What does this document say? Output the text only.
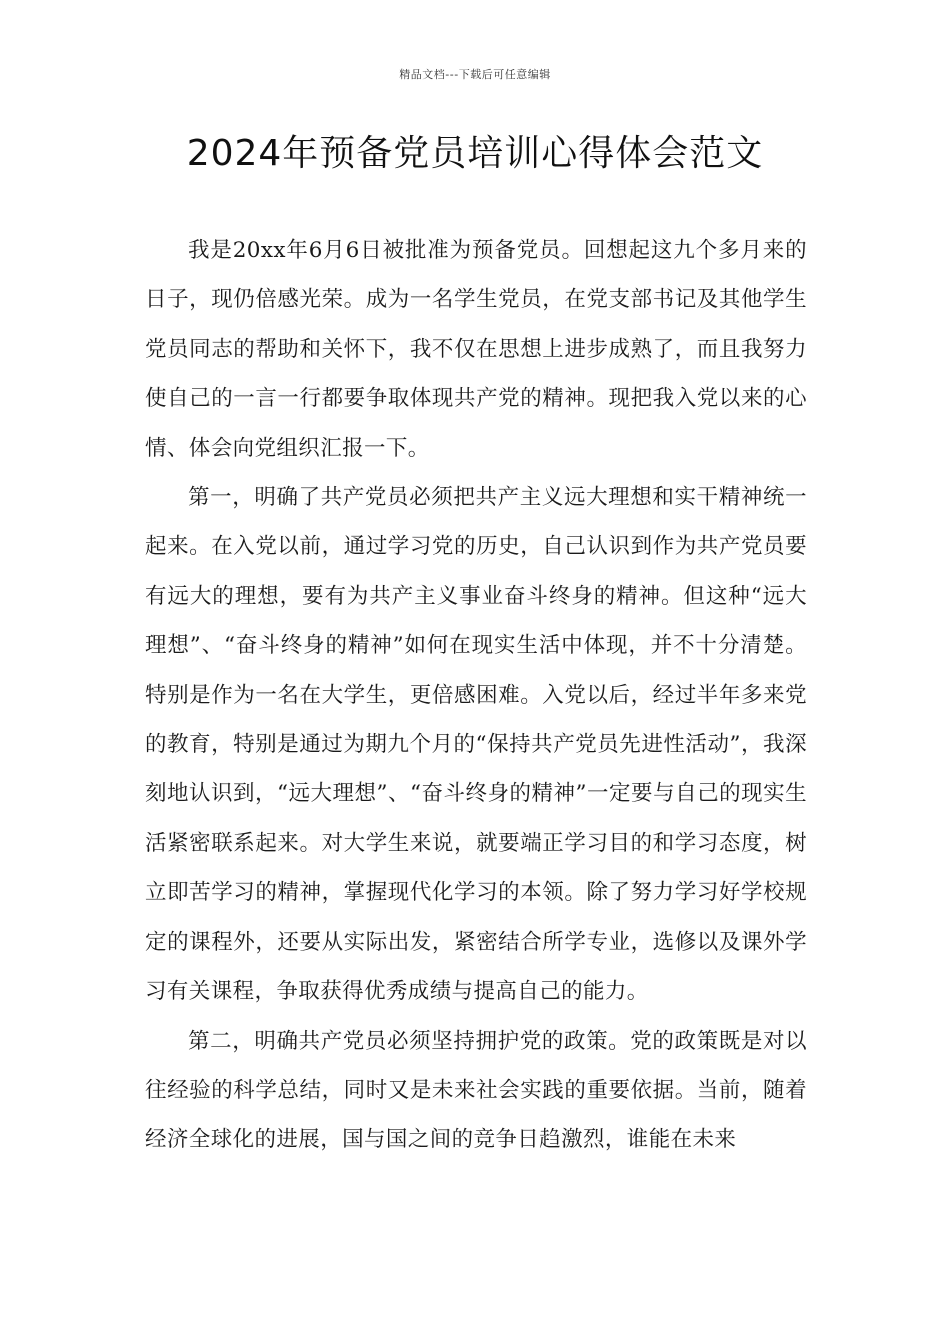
精品文档---下载后可任意编辑
2024年预备党员培训心得体会范文

我是20xx年6月6日被批准为预备党员。回想起这九个多月来的日子，现仍倍感光荣。成为一名学生党员，在党支部书记及其他学生党员同志的帮助和关怀下，我不仅在思想上进步成熟了，而且我努力使自己的一言一行都要争取体现共产党的精神。现把我入党以来的心情、体会向党组织汇报一下。

第一，明确了共产党员必须把共产主义远大理想和实干精神统一起来。在入党以前，通过学习党的历史，自己认识到作为共产党员要有远大的理想，要有为共产主义事业奋斗终身的精神。但这种“远大理想”、“奋斗终身的精神”如何在现实生活中体现，并不十分清楚。特别是作为一名在大学生，更倍感困难。入党以后，经过半年多来党的教育，特别是通过为期九个月的“保持共产党员先进性活动”，我深刻地认识到，“远大理想”、“奋斗终身的精神”一定要与自己的现实生活紧密联系起来。对大学生来说，就要端正学习目的和学习态度，树立即苦学习的精神，掌握现代化学习的本领。除了努力学习好学校规定的课程外，还要从实际出发，紧密结合所学专业，选修以及课外学习有关课程，争取获得优秀成绩与提高自己的能力。

第二，明确共产党员必须坚持拥护党的政策。党的政策既是对以往经验的科学总结，同时又是未来社会实践的重要依据。当前，随着经济全球化的进展，国与国之间的竞争日趋激烈，谁能在未来
